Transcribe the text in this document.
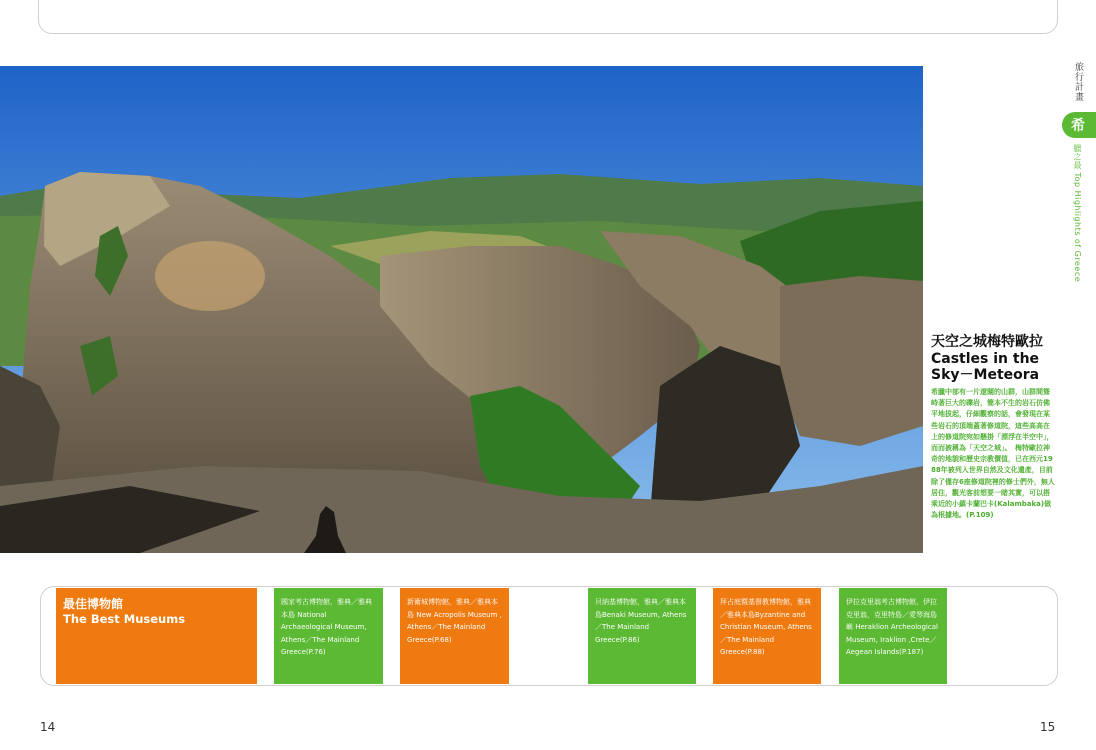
天空之城梅特歐拉
Castles in the Sky－Meteora
希臘中部有一片遼闊的山群，山群間聳峙著巨大的礫岩，簡本不生的岩石仿佛平地拔起，仔細觀察的話，會發現在某些岩石的頂端蓋著修道院，這些高高在上的修道院宛如懸掛「漂浮在半空中」，而而被稱為「天空之城」。　梅特歐拉神奇的地貌和歷史宗教價值，已在西元1988年被列入世界自然及文化遺產，目前除了僅存6座修道院裡的修士們外，無人居住，觀光客前想要一睹其實，可以搭乘近的小鎮卡蘭巴卡(Kalambaka)做為根據地。(P.109)
旅行計畫
希
臘之最 Top Highlights of Greece
最佳博物館
The Best Museums
國家考古博物館，雅典／雅典本島 National Archaeological Museum, Athens／The Mainland Greece(P.76)
新衛城博物館，雅典／雅典本島 New Acropolis Museum , Athens／The Mainland Greece(P.68)
貝納基博物館，雅典／雅典本島Benaki Museum, Athens／The Mainland Greece(P.86)
拜占庭暨基督教博物館，雅典／雅典本島Byzantine and Christian Museum, Athens／The Mainland Greece(P.88)
伊拉克里翁考古博物館，伊拉克里翁，克里特島／愛琴海島嶼 Heraklion Archeological Museum, Iraklion ,Crete／Aegean Islands(P.187)
14	15
